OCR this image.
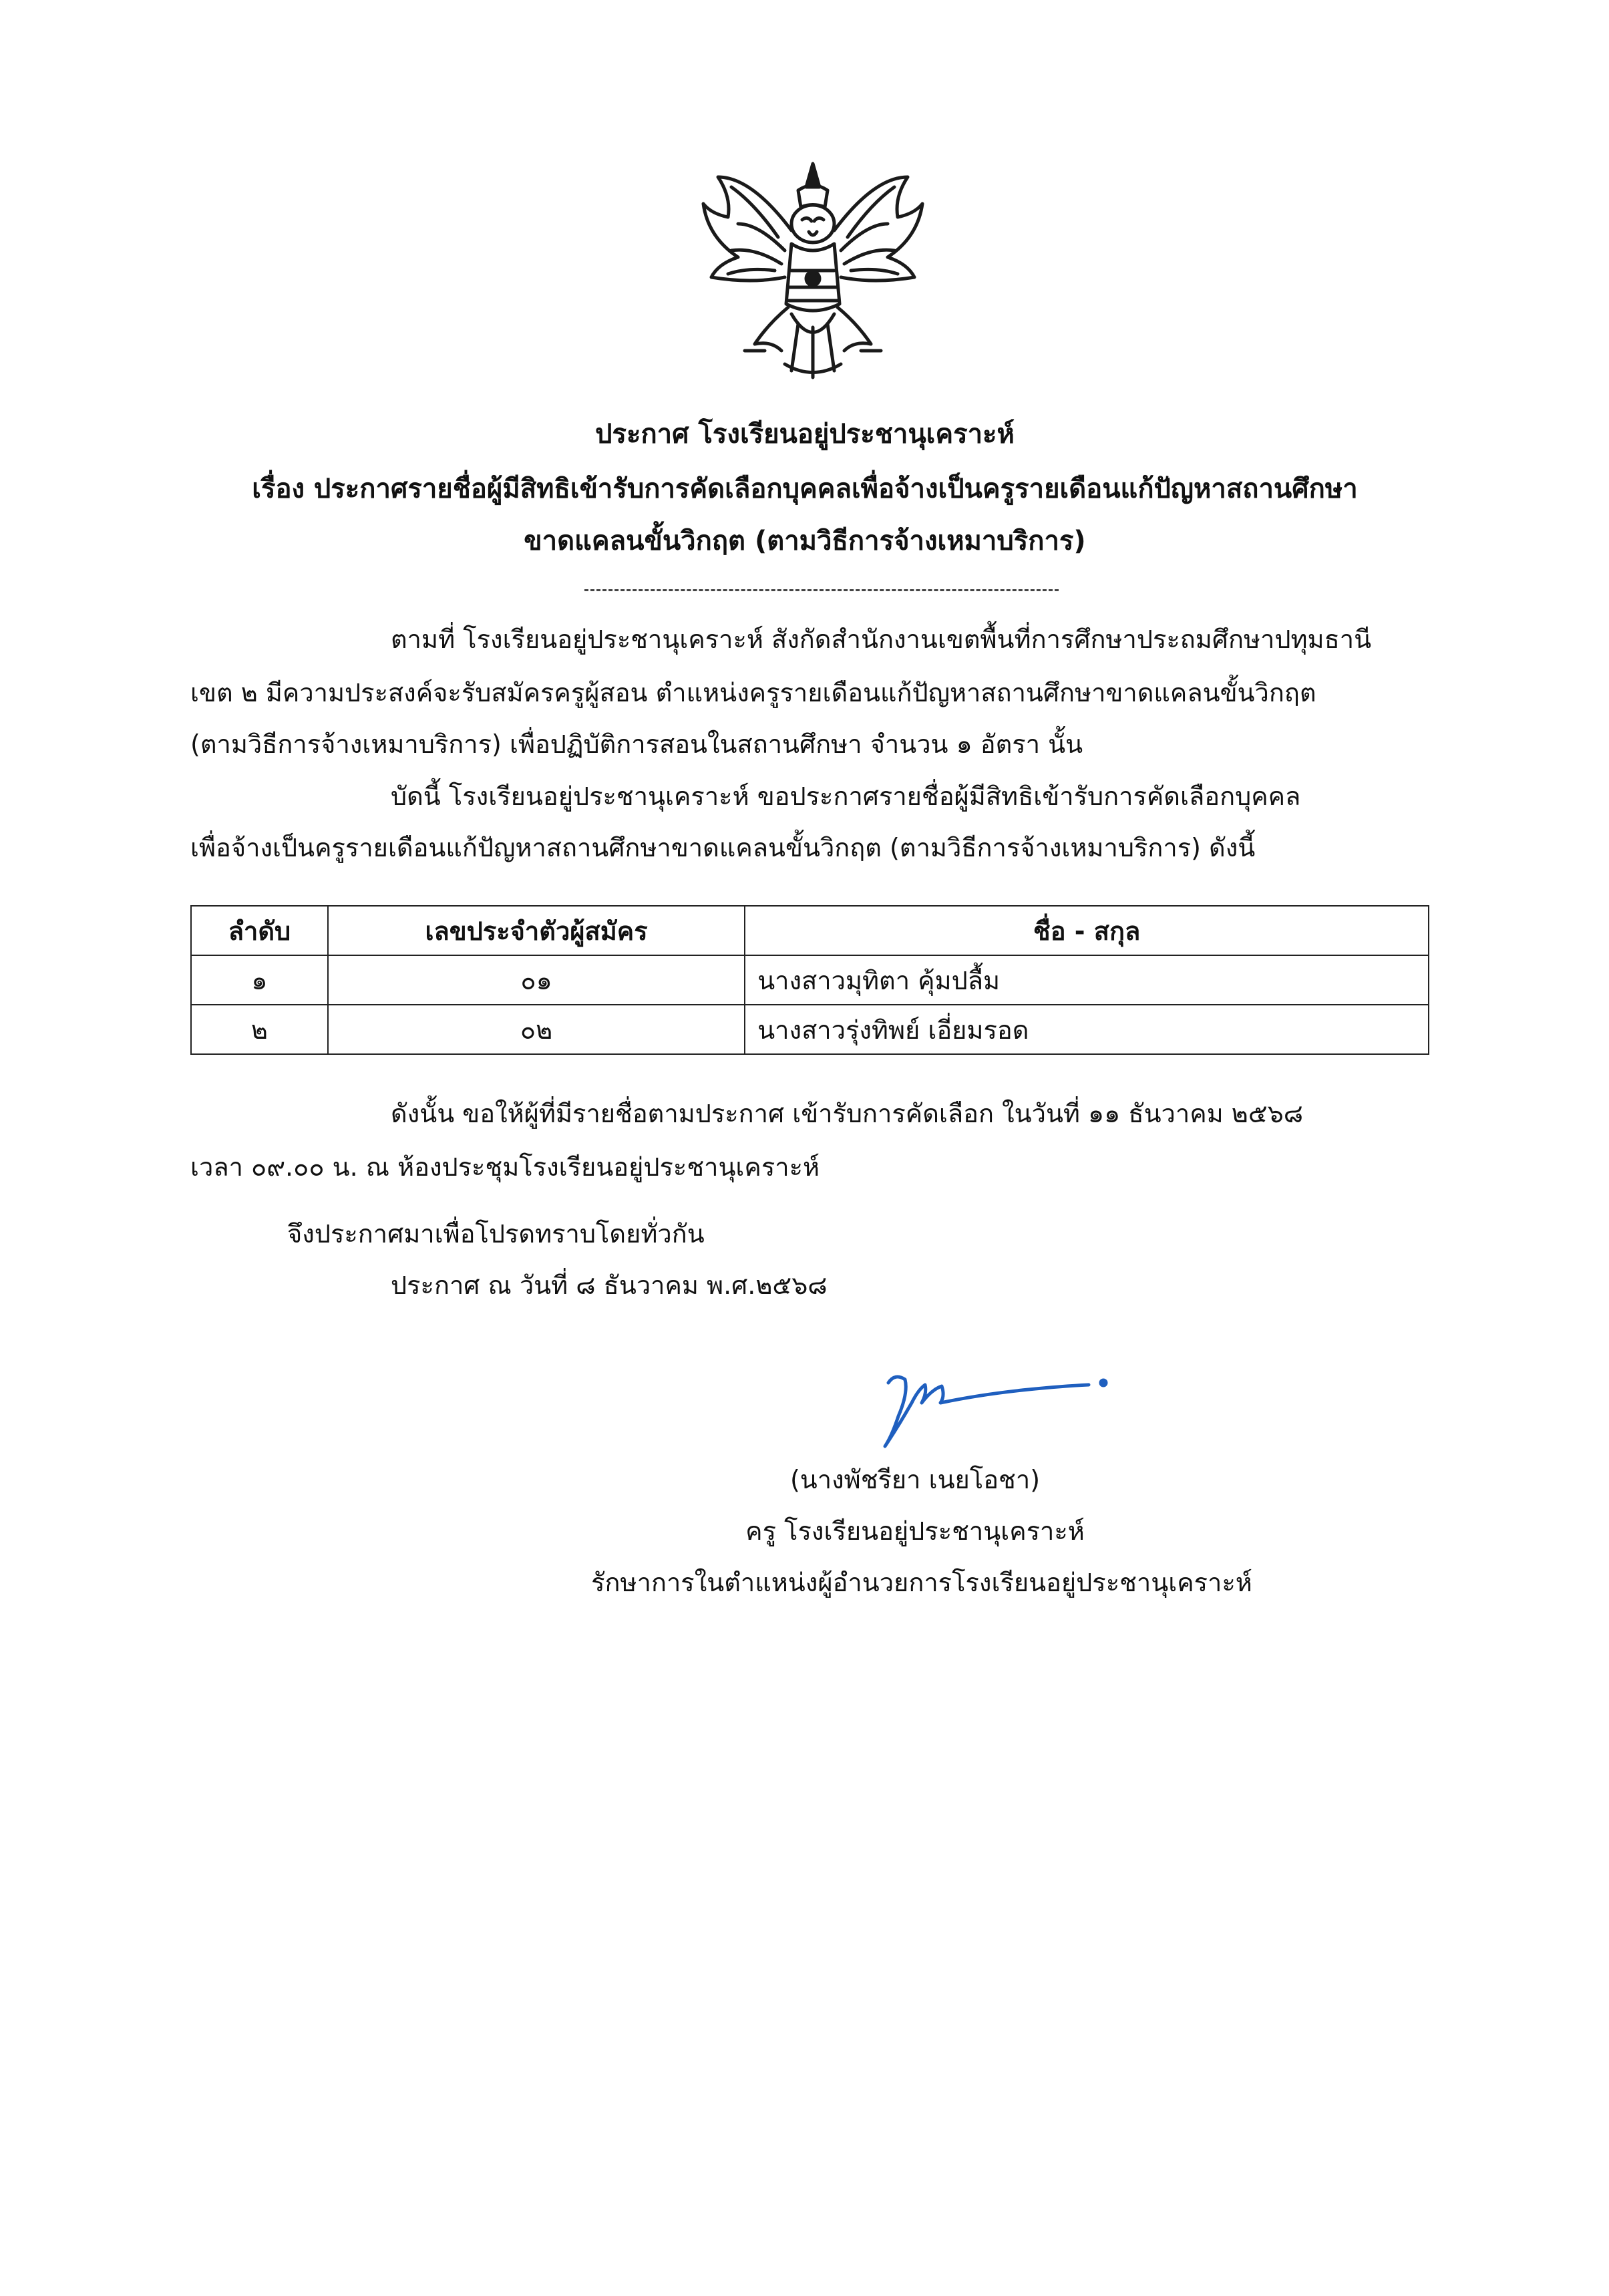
ประกาศ โรงเรียนอยู่ประชานุเคราะห์
เรื่อง ประกาศรายชื่อผู้มีสิทธิเข้ารับการคัดเลือกบุคคลเพื่อจ้างเป็นครูรายเดือนแก้ปัญหาสถานศึกษา
ขาดแคลนขั้นวิกฤต (ตามวิธีการจ้างเหมาบริการ)
ตามที่ โรงเรียนอยู่ประชานุเคราะห์ สังกัดสำนักงานเขตพื้นที่การศึกษาประถมศึกษาปทุมธานี
เขต ๒ มีความประสงค์จะรับสมัครครูผู้สอน ตำแหน่งครูรายเดือนแก้ปัญหาสถานศึกษาขาดแคลนขั้นวิกฤต
(ตามวิธีการจ้างเหมาบริการ) เพื่อปฏิบัติการสอนในสถานศึกษา จำนวน ๑ อัตรา นั้น
บัดนี้ โรงเรียนอยู่ประชานุเคราะห์ ขอประกาศรายชื่อผู้มีสิทธิเข้ารับการคัดเลือกบุคคล
เพื่อจ้างเป็นครูรายเดือนแก้ปัญหาสถานศึกษาขาดแคลนขั้นวิกฤต (ตามวิธีการจ้างเหมาบริการ) ดังนี้
ลำดับ	เลขประจำตัวผู้สมัคร	ชื่อ - สกุล
๑	๐๑	นางสาวมุทิตา คุ้มปลื้ม
๒	๐๒	นางสาวรุ่งทิพย์ เอี่ยมรอด
ดังนั้น ขอให้ผู้ที่มีรายชื่อตามประกาศ เข้ารับการคัดเลือก ในวันที่ ๑๑ ธันวาคม ๒๕๖๘
เวลา ๐๙.๐๐ น. ณ ห้องประชุมโรงเรียนอยู่ประชานุเคราะห์
จึงประกาศมาเพื่อโปรดทราบโดยทั่วกัน
ประกาศ ณ วันที่ ๘ ธันวาคม พ.ศ.๒๕๖๘
(นางพัชรียา เนยโอชา)
ครู โรงเรียนอยู่ประชานุเคราะห์
รักษาการในตำแหน่งผู้อำนวยการโรงเรียนอยู่ประชานุเคราะห์
